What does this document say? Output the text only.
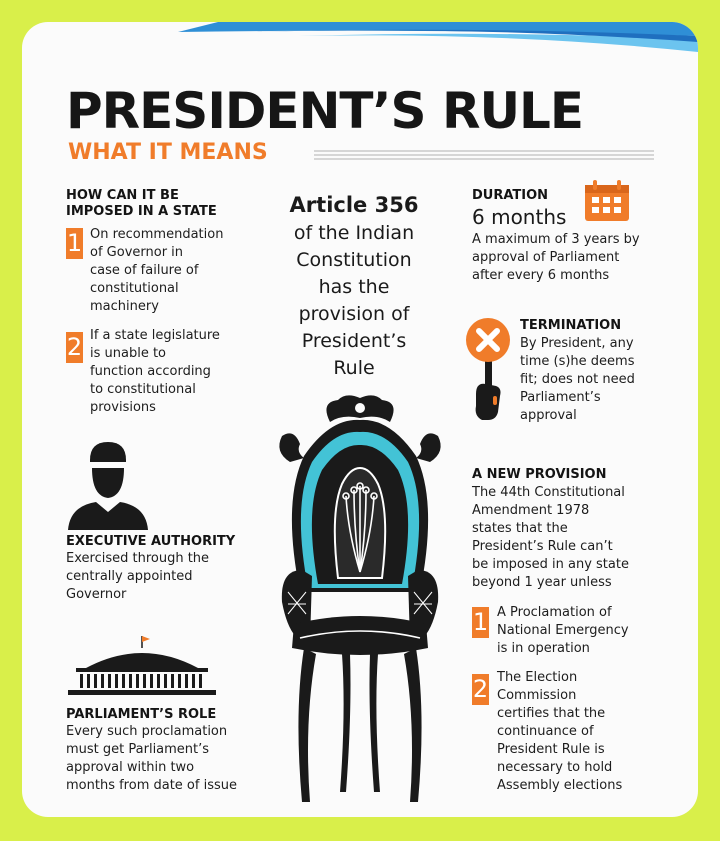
PRESIDENT’S RULE
WHAT IT MEANS
HOW CAN IT BE
IMPOSED IN A STATE
1 On recommendation
of Governor in
case of failure of
constitutional
machinery
2 If a state legislature
is unable to
function according
to constitutional
provisions
Article 356
of the Indian
Constitution
has the
provision of
President’s
Rule
DURATION
6 months
A maximum of 3 years by
approval of Parliament
after every 6 months
TERMINATION
By President, any
time (s)he deems
fit; does not need
Parliament’s
approval
EXECUTIVE AUTHORITY
Exercised through the
centrally appointed
Governor
PARLIAMENT’S ROLE
Every such proclamation
must get Parliament’s
approval within two
months from date of issue
A NEW PROVISION
The 44th Constitutional
Amendment 1978
states that the
President’s Rule can’t
be imposed in any state
beyond 1 year unless
1 A Proclamation of
National Emergency
is in operation
2 The Election
Commission
certifies that the
continuance of
President Rule is
necessary to hold
Assembly elections
